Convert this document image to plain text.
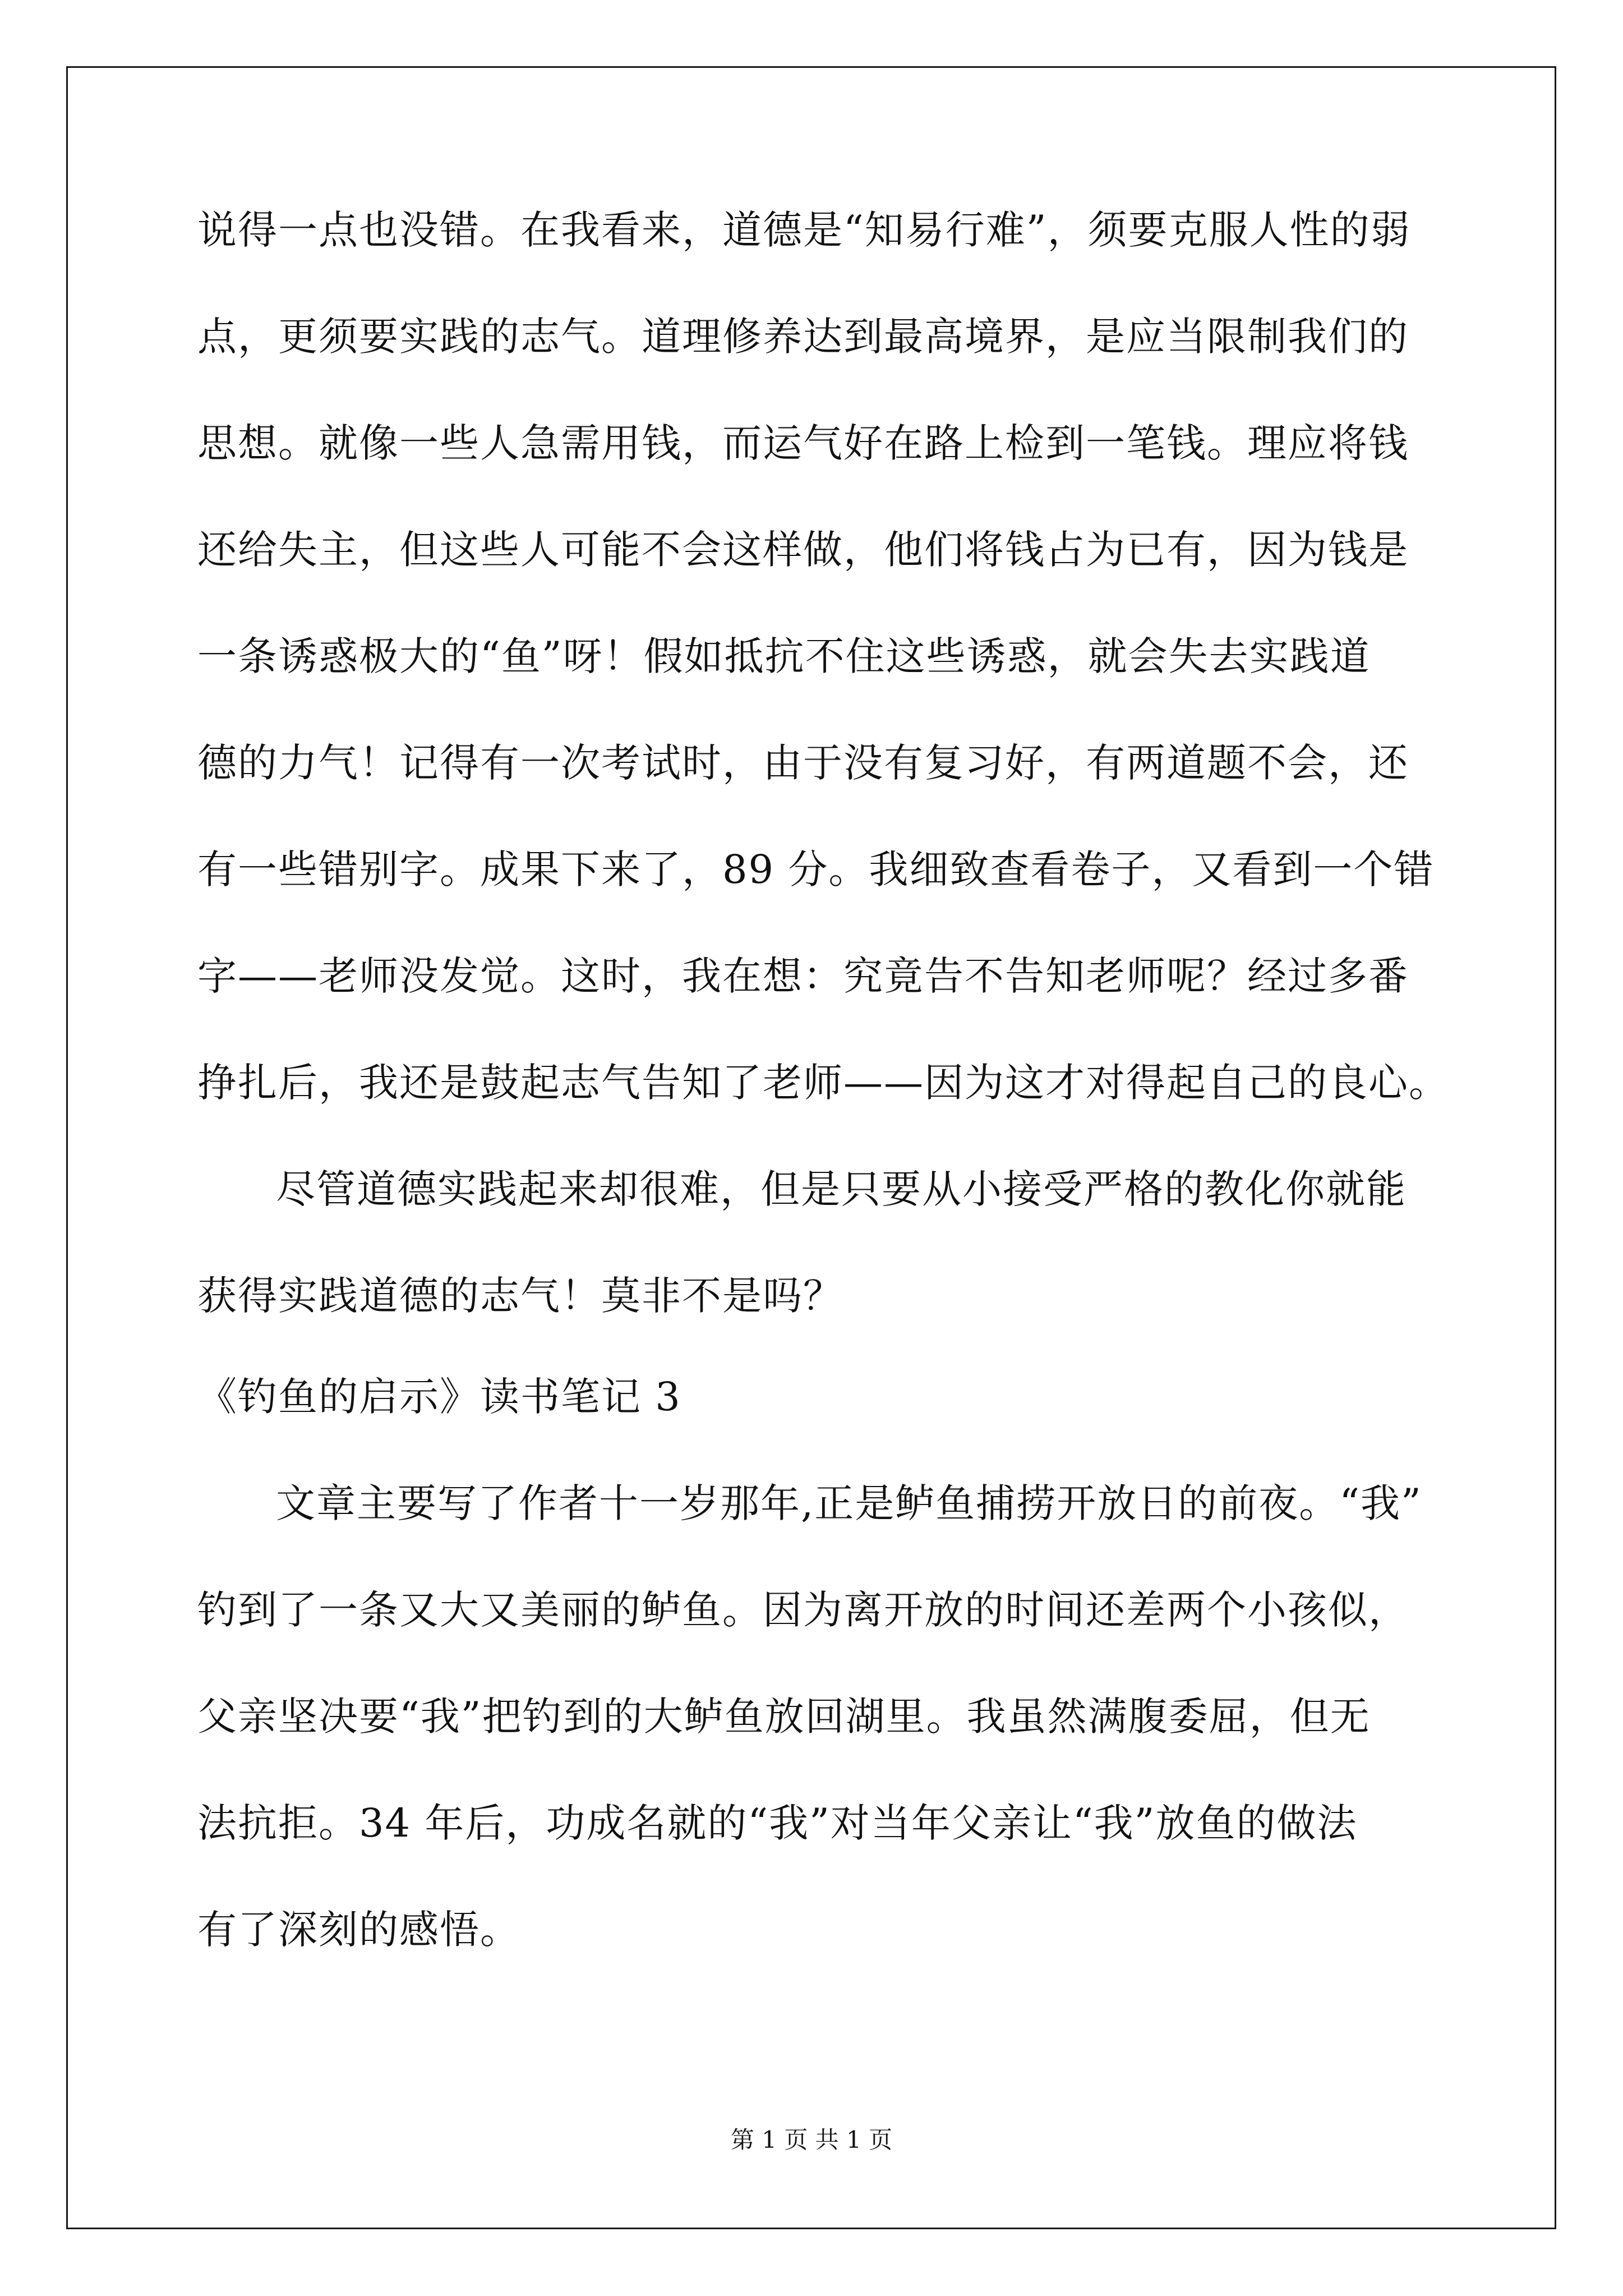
说得一点也没错。在我看来，道德是“知易行难”，须要克服人性的弱
点，更须要实践的志气。道理修养达到最高境界，是应当限制我们的
思想。就像一些人急需用钱，而运气好在路上检到一笔钱。理应将钱
还给失主，但这些人可能不会这样做，他们将钱占为已有，因为钱是
一条诱惑极大的“鱼”呀！假如抵抗不住这些诱惑，就会失去实践道
德的力气！记得有一次考试时，由于没有复习好，有两道题不会，还
有一些错别字。成果下来了，89 分。我细致查看卷子，又看到一个错
字——老师没发觉。这时，我在想：究竟告不告知老师呢？经过多番
挣扎后，我还是鼓起志气告知了老师——因为这才对得起自己的良心。
尽管道德实践起来却很难，但是只要从小接受严格的教化你就能
获得实践道德的志气！莫非不是吗？
《钓鱼的启示》读书笔记 3
文章主要写了作者十一岁那年,正是鲈鱼捕捞开放日的前夜。“我”
钓到了一条又大又美丽的鲈鱼。因为离开放的时间还差两个小孩似，
父亲坚决要“我”把钓到的大鲈鱼放回湖里。我虽然满腹委屈，但无
法抗拒。34 年后，功成名就的“我”对当年父亲让“我”放鱼的做法
有了深刻的感悟。
第 1 页 共 1 页
